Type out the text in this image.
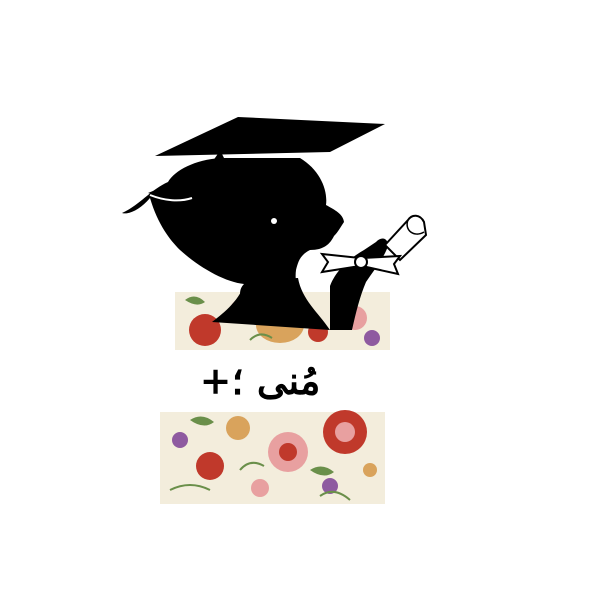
مُنى ؛+
